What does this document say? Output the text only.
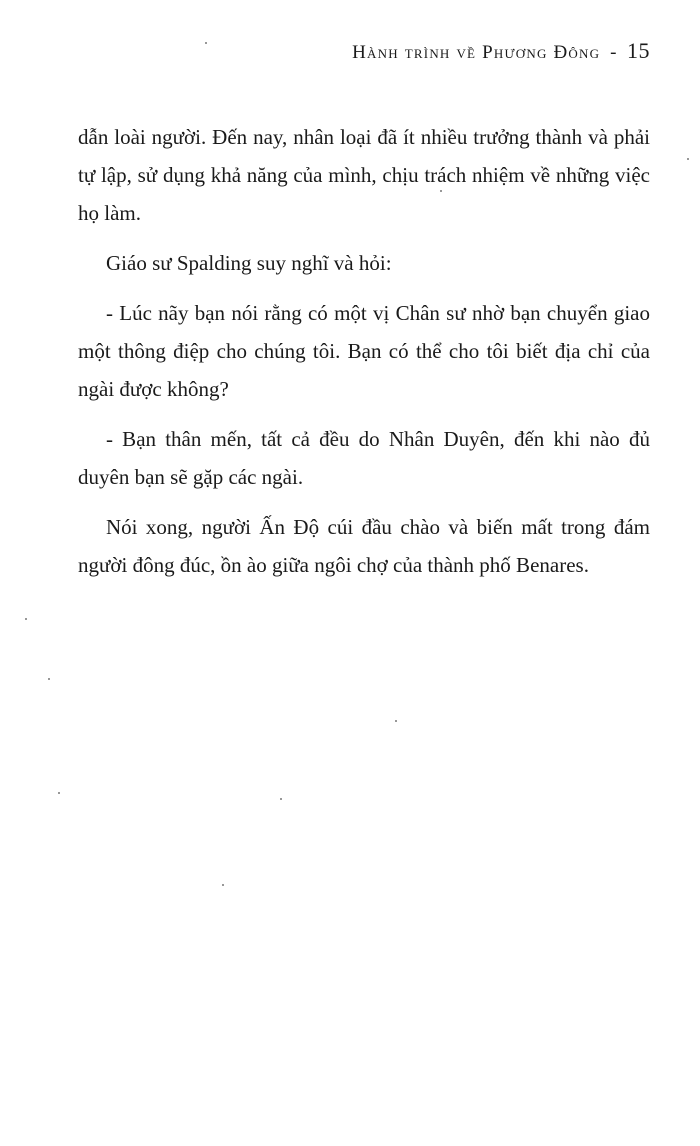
Hành trình về Phương Đông - 15

dẫn loài người. Đến nay, nhân loại đã ít nhiều trưởng thành và phải tự lập, sử dụng khả năng của mình, chịu trách nhiệm về những việc họ làm.

Giáo sư Spalding suy nghĩ và hỏi:

- Lúc nãy bạn nói rằng có một vị Chân sư nhờ bạn chuyển giao một thông điệp cho chúng tôi. Bạn có thể cho tôi biết địa chỉ của ngài được không?

- Bạn thân mến, tất cả đều do Nhân Duyên, đến khi nào đủ duyên bạn sẽ gặp các ngài.

Nói xong, người Ấn Độ cúi đầu chào và biến mất trong đám người đông đúc, ồn ào giữa ngôi chợ của thành phố Benares.
